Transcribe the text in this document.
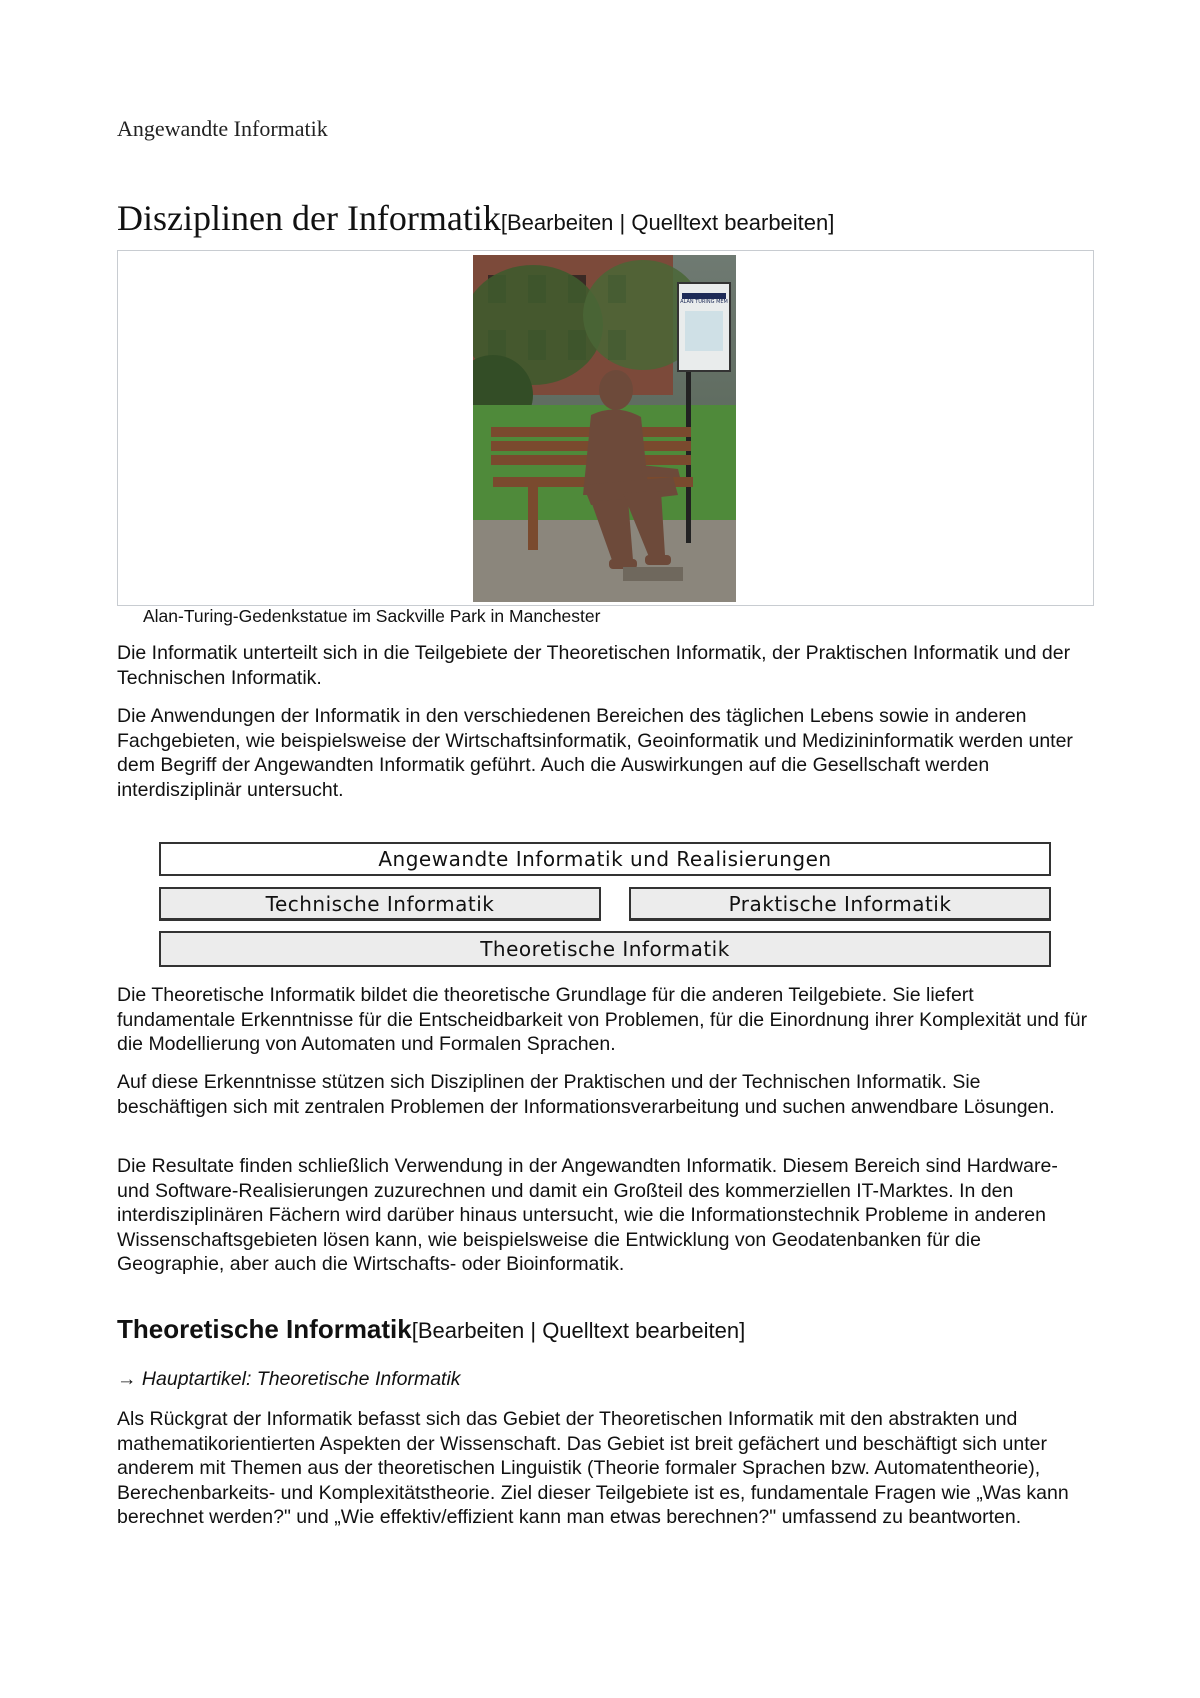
Angewandte Informatik
Disziplinen der Informatik[Bearbeiten | Quelltext bearbeiten]
ALAN TURING MEM
Alan-Turing-Gedenkstatue im Sackville Park in Manchester

Die Informatik unterteilt sich in die Teilgebiete der Theoretischen Informatik, der Praktischen Informatik und der Technischen Informatik.

Die Anwendungen der Informatik in den verschiedenen Bereichen des täglichen Lebens sowie in anderen Fachgebieten, wie beispielsweise der Wirtschaftsinformatik, Geoinformatik und Medizininformatik werden unter dem Begriff der Angewandten Informatik geführt. Auch die Auswirkungen auf die Gesellschaft werden interdisziplinär untersucht.

Angewandte Informatik und Realisierungen
Technische Informatik	Praktische Informatik
Theoretische Informatik

Die Theoretische Informatik bildet die theoretische Grundlage für die anderen Teilgebiete. Sie liefert fundamentale Erkenntnisse für die Entscheidbarkeit von Problemen, für die Einordnung ihrer Komplexität und für die Modellierung von Automaten und Formalen Sprachen.

Auf diese Erkenntnisse stützen sich Disziplinen der Praktischen und der Technischen Informatik. Sie beschäftigen sich mit zentralen Problemen der Informationsverarbeitung und suchen anwendbare Lösungen.

Die Resultate finden schließlich Verwendung in der Angewandten Informatik. Diesem Bereich sind Hardware- und Software-Realisierungen zuzurechnen und damit ein Großteil des kommerziellen IT-Marktes. In den interdisziplinären Fächern wird darüber hinaus untersucht, wie die Informationstechnik Probleme in anderen Wissenschaftsgebieten lösen kann, wie beispielsweise die Entwicklung von Geodatenbanken für die Geographie, aber auch die Wirtschafts- oder Bioinformatik.

Theoretische Informatik[Bearbeiten | Quelltext bearbeiten]
→ Hauptartikel: Theoretische Informatik

Als Rückgrat der Informatik befasst sich das Gebiet der Theoretischen Informatik mit den abstrakten und mathematikorientierten Aspekten der Wissenschaft. Das Gebiet ist breit gefächert und beschäftigt sich unter anderem mit Themen aus der theoretischen Linguistik (Theorie formaler Sprachen bzw. Automatentheorie), Berechenbarkeits- und Komplexitätstheorie. Ziel dieser Teilgebiete ist es, fundamentale Fragen wie „Was kann berechnet werden?" und „Wie effektiv/effizient kann man etwas berechnen?" umfassend zu beantworten.
